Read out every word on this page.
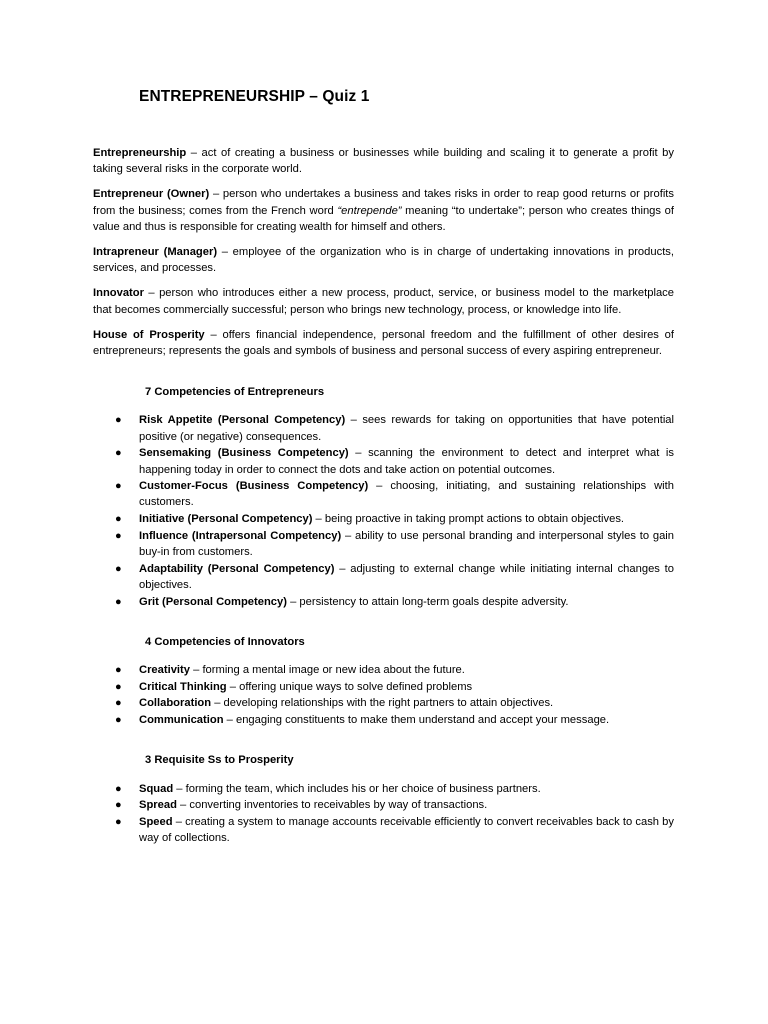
ENTREPRENEURSHIP – Quiz 1

Entrepreneurship – act of creating a business or businesses while building and scaling it to generate a profit by taking several risks in the corporate world.

Entrepreneur (Owner) – person who undertakes a business and takes risks in order to reap good returns or profits from the business; comes from the French word “entrepende” meaning “to undertake”; person who creates things of value and thus is responsible for creating wealth for himself and others.

Intrapreneur (Manager) – employee of the organization who is in charge of undertaking innovations in products, services, and processes.

Innovator – person who introduces either a new process, product, service, or business model to the marketplace that becomes commercially successful; person who brings new technology, process, or knowledge into life.

House of Prosperity – offers financial independence, personal freedom and the fulfillment of other desires of entrepreneurs; represents the goals and symbols of business and personal success of every aspiring entrepreneur.

7 Competencies of Entrepreneurs
● Risk Appetite (Personal Competency) – sees rewards for taking on opportunities that have potential positive (or negative) consequences.
● Sensemaking (Business Competency) – scanning the environment to detect and interpret what is happening today in order to connect the dots and take action on potential outcomes.
● Customer-Focus (Business Competency) – choosing, initiating, and sustaining relationships with customers.
● Initiative (Personal Competency) – being proactive in taking prompt actions to obtain objectives.
● Influence (Intrapersonal Competency) – ability to use personal branding and interpersonal styles to gain buy-in from customers.
● Adaptability (Personal Competency) – adjusting to external change while initiating internal changes to objectives.
● Grit (Personal Competency) – persistency to attain long-term goals despite adversity.
4 Competencies of Innovators
● Creativity – forming a mental image or new idea about the future.
● Critical Thinking – offering unique ways to solve defined problems
● Collaboration – developing relationships with the right partners to attain objectives.
● Communication – engaging constituents to make them understand and accept your message.
3 Requisite Ss to Prosperity
● Squad – forming the team, which includes his or her choice of business partners.
● Spread – converting inventories to receivables by way of transactions.
● Speed – creating a system to manage accounts receivable efficiently to convert receivables back to cash by way of collections.
